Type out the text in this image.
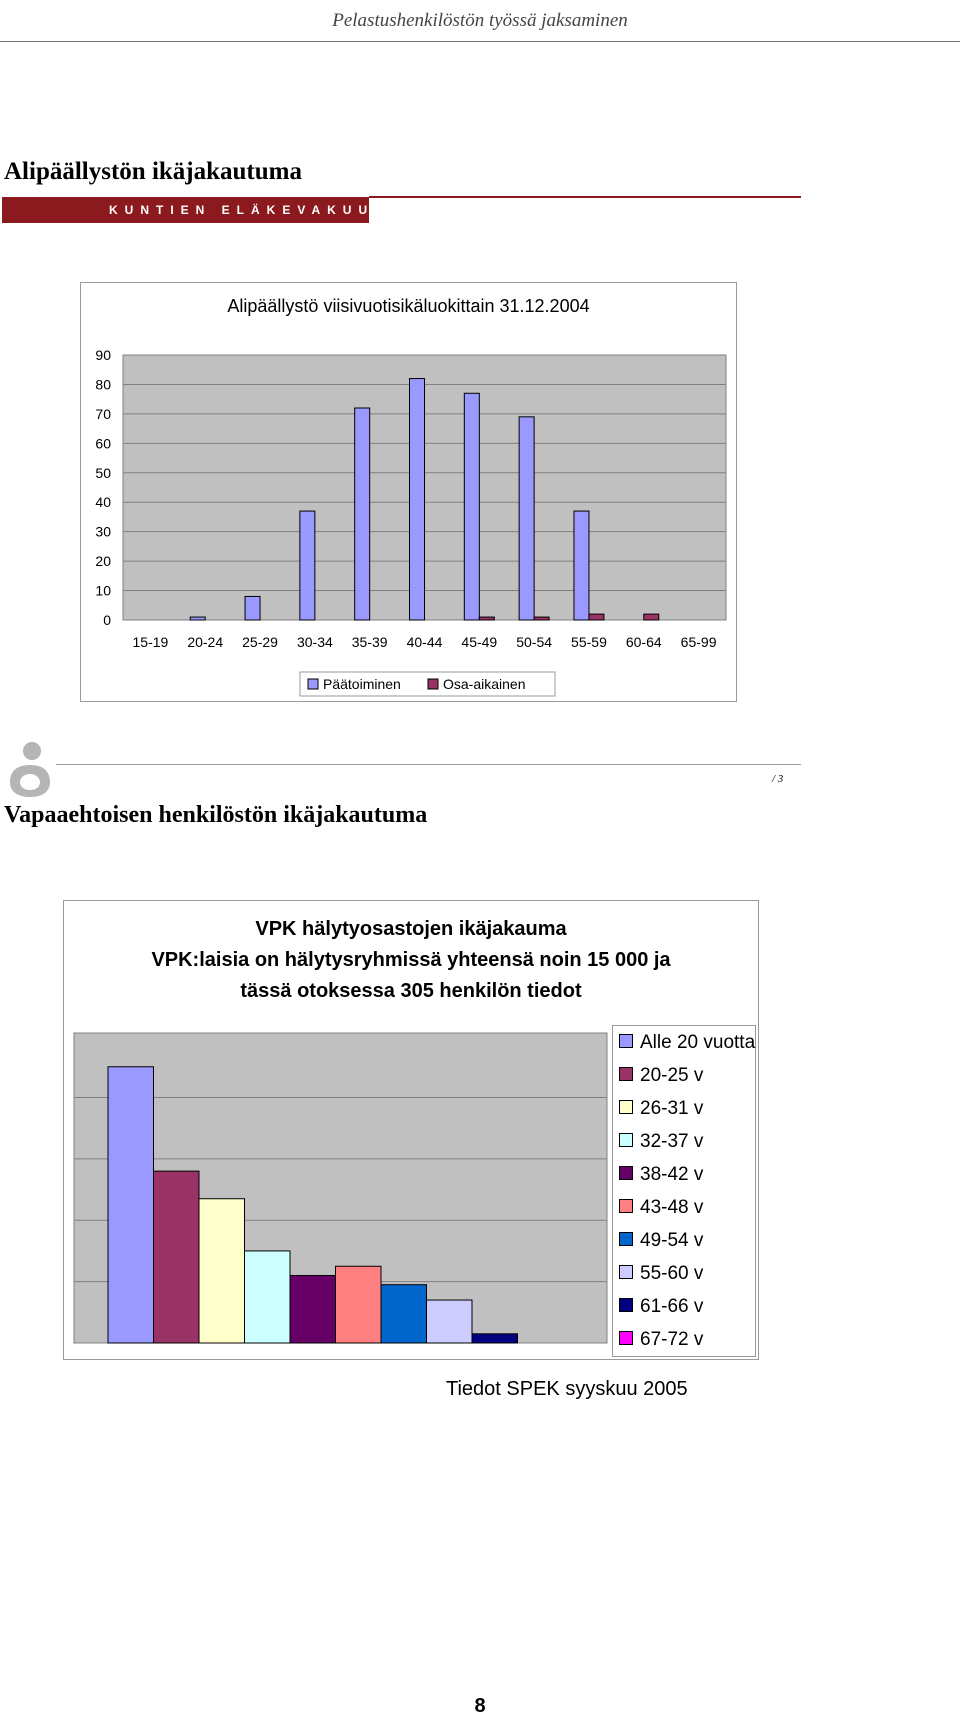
Pelastushenkilöstön työssä jaksaminen
Alipäällystön ikäjakautuma
KUNTIEN ELÄKEVAKUUTUS
Alipäällystö viisivuotisikäluokittain 31.12.2004
0
10
20
30
40
50
60
70
80
90
15-19 20-24 25-29 30-34 35-39 40-44 45-49 50-54 55-59 60-64 65-99
Päätoiminen	Osa-aikainen
/ 3
Vapaaehtoisen henkilöstön ikäjakautuma
VPK hälytyosastojen ikäjakauma
VPK:laisia on hälytysryhmissä yhteensä noin 15 000 ja
tässä otoksessa 305 henkilön tiedot
Alle 20 vuotta
20-25 v
26-31 v
32-37 v
38-42 v
43-48 v
49-54 v
55-60 v
61-66 v
67-72 v
Tiedot SPEK syyskuu 2005
8
